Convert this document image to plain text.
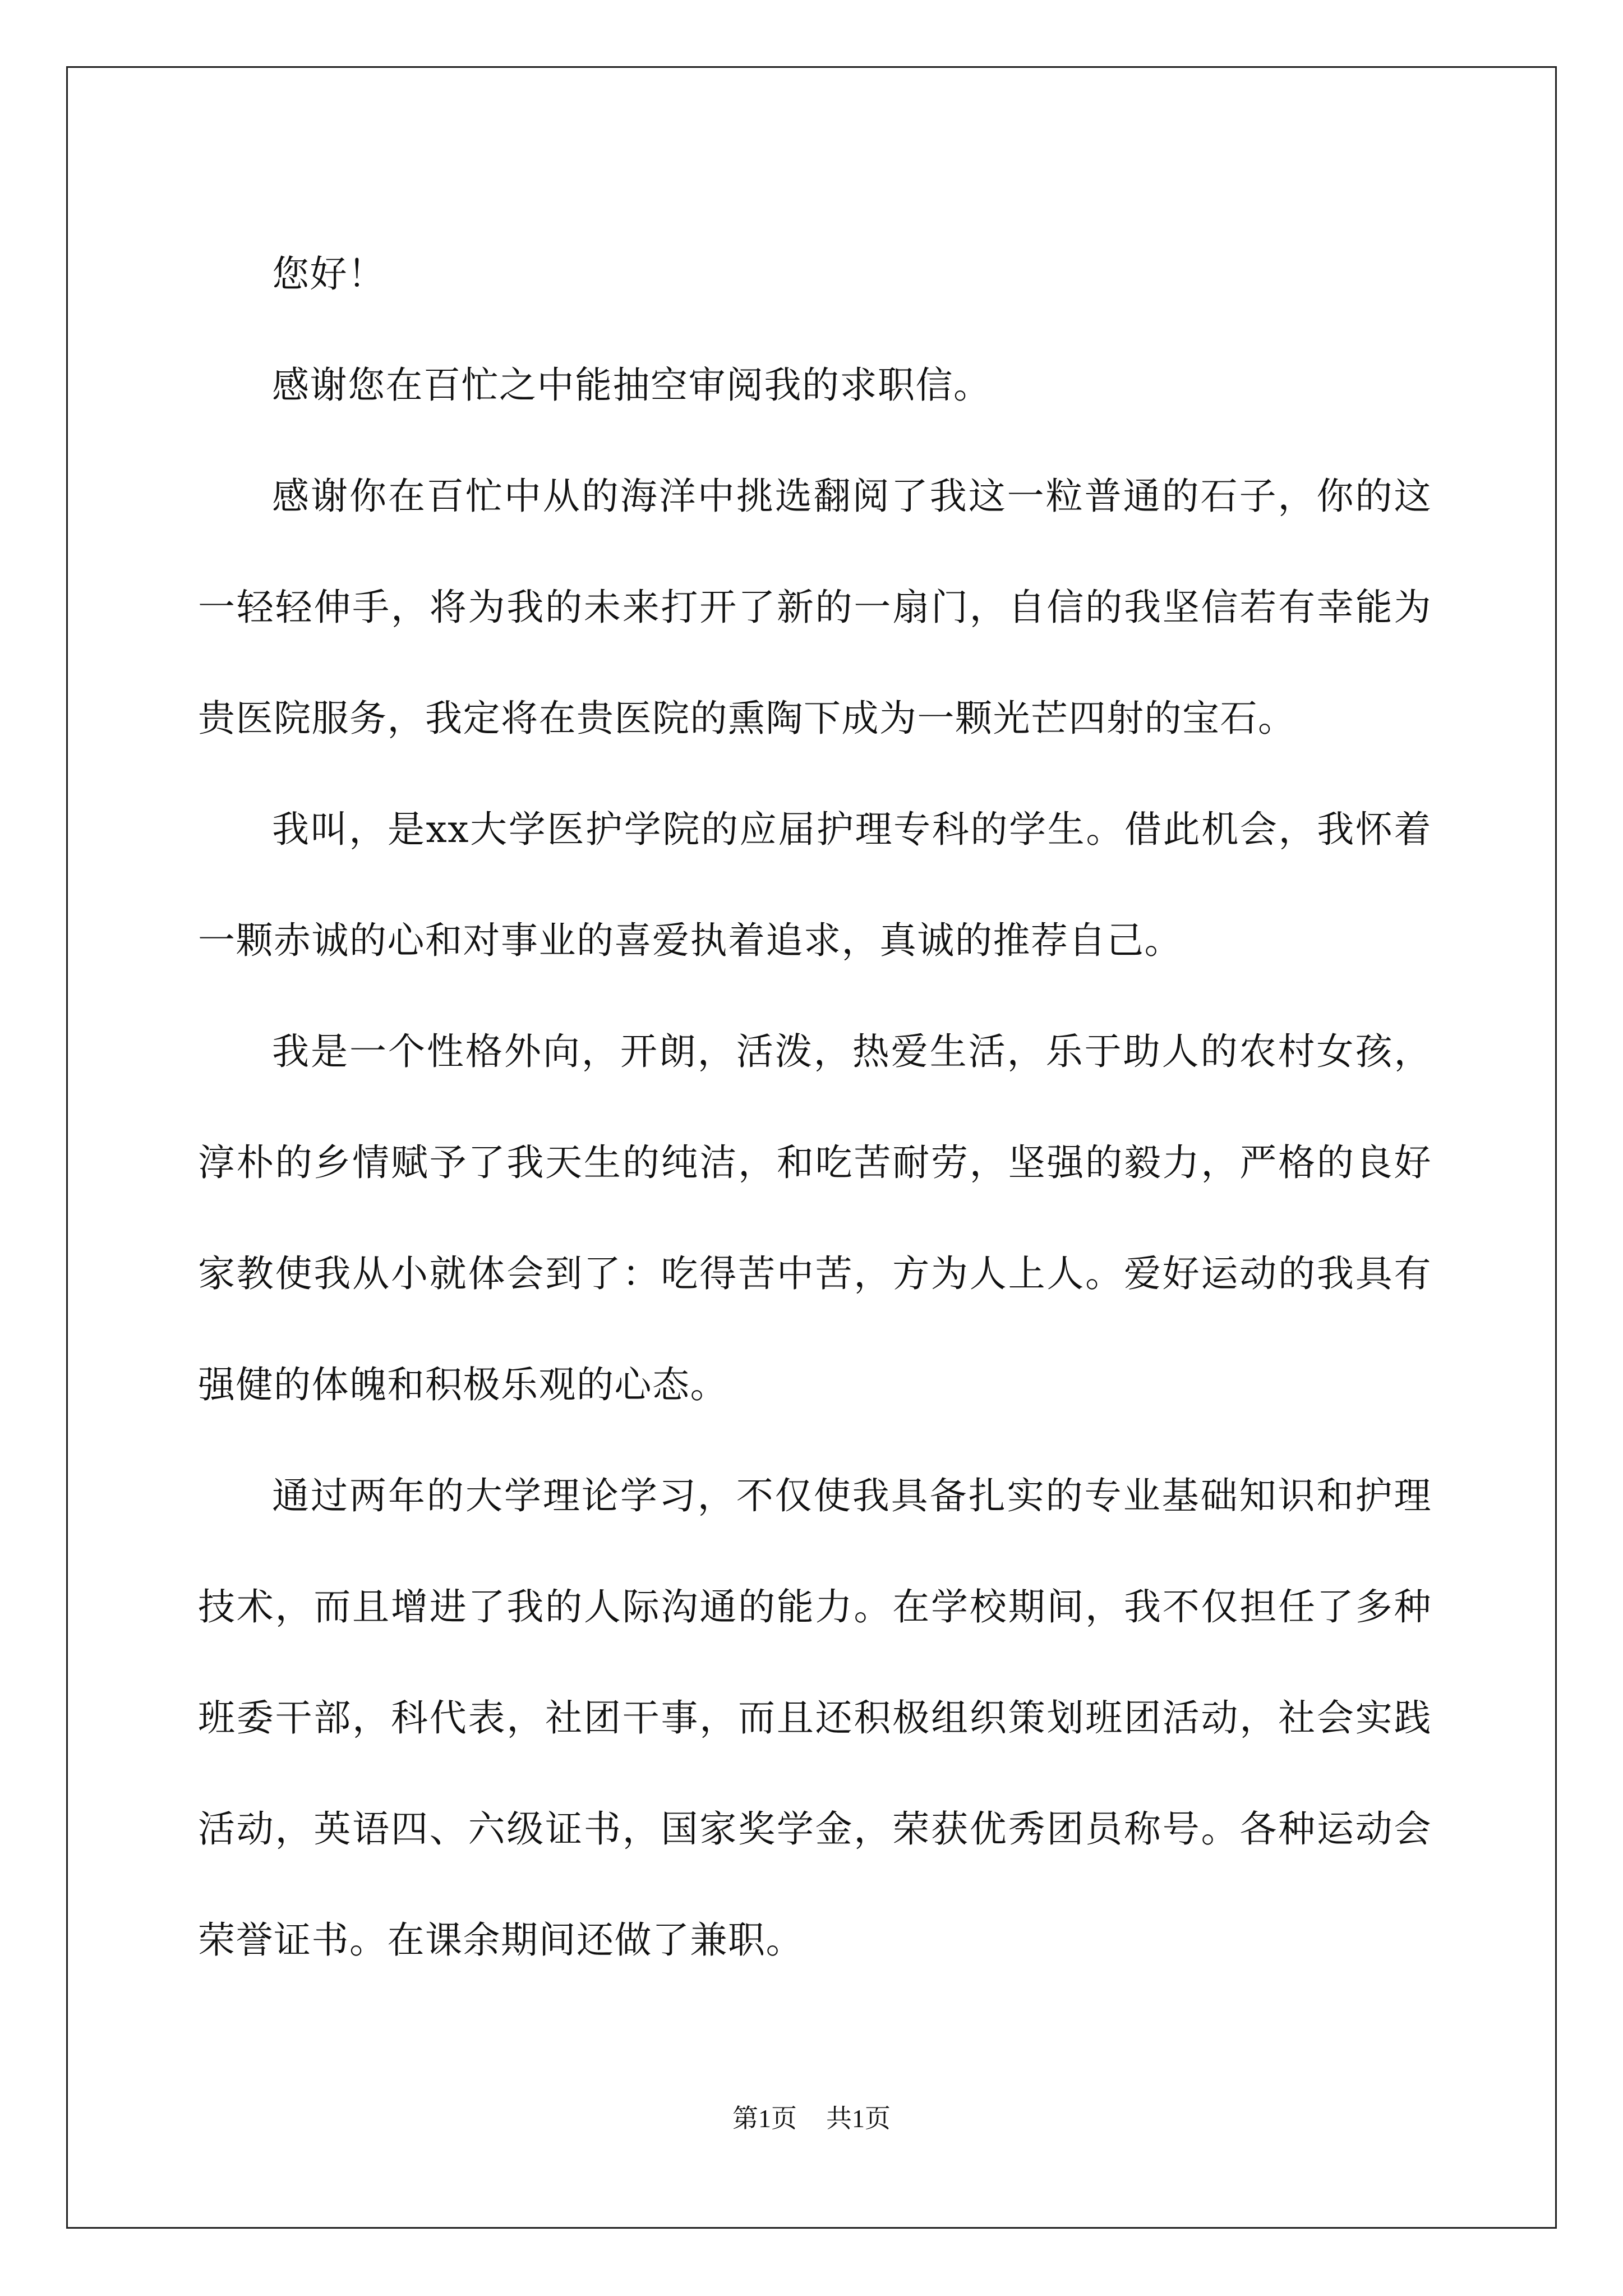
您好！

感谢您在百忙之中能抽空审阅我的求职信。

感谢你在百忙中从的海洋中挑选翻阅了我这一粒普通的石子，你的这一轻轻伸手，将为我的未来打开了新的一扇门，自信的我坚信若有幸能为贵医院服务，我定将在贵医院的熏陶下成为一颗光芒四射的宝石。

我叫，是xx大学医护学院的应届护理专科的学生。借此机会，我怀着一颗赤诚的心和对事业的喜爱执着追求，真诚的推荐自己。

我是一个性格外向，开朗，活泼，热爱生活，乐于助人的农村女孩，淳朴的乡情赋予了我天生的纯洁，和吃苦耐劳，坚强的毅力，严格的良好家教使我从小就体会到了：吃得苦中苦，方为人上人。爱好运动的我具有强健的体魄和积极乐观的心态。

通过两年的大学理论学习，不仅使我具备扎实的专业基础知识和护理技术，而且增进了我的人际沟通的能力。在学校期间，我不仅担任了多种班委干部，科代表，社团干事，而且还积极组织策划班团活动，社会实践活动，英语四、六级证书，国家奖学金，荣获优秀团员称号。各种运动会荣誉证书。在课余期间还做了兼职。

第1页 共1页
